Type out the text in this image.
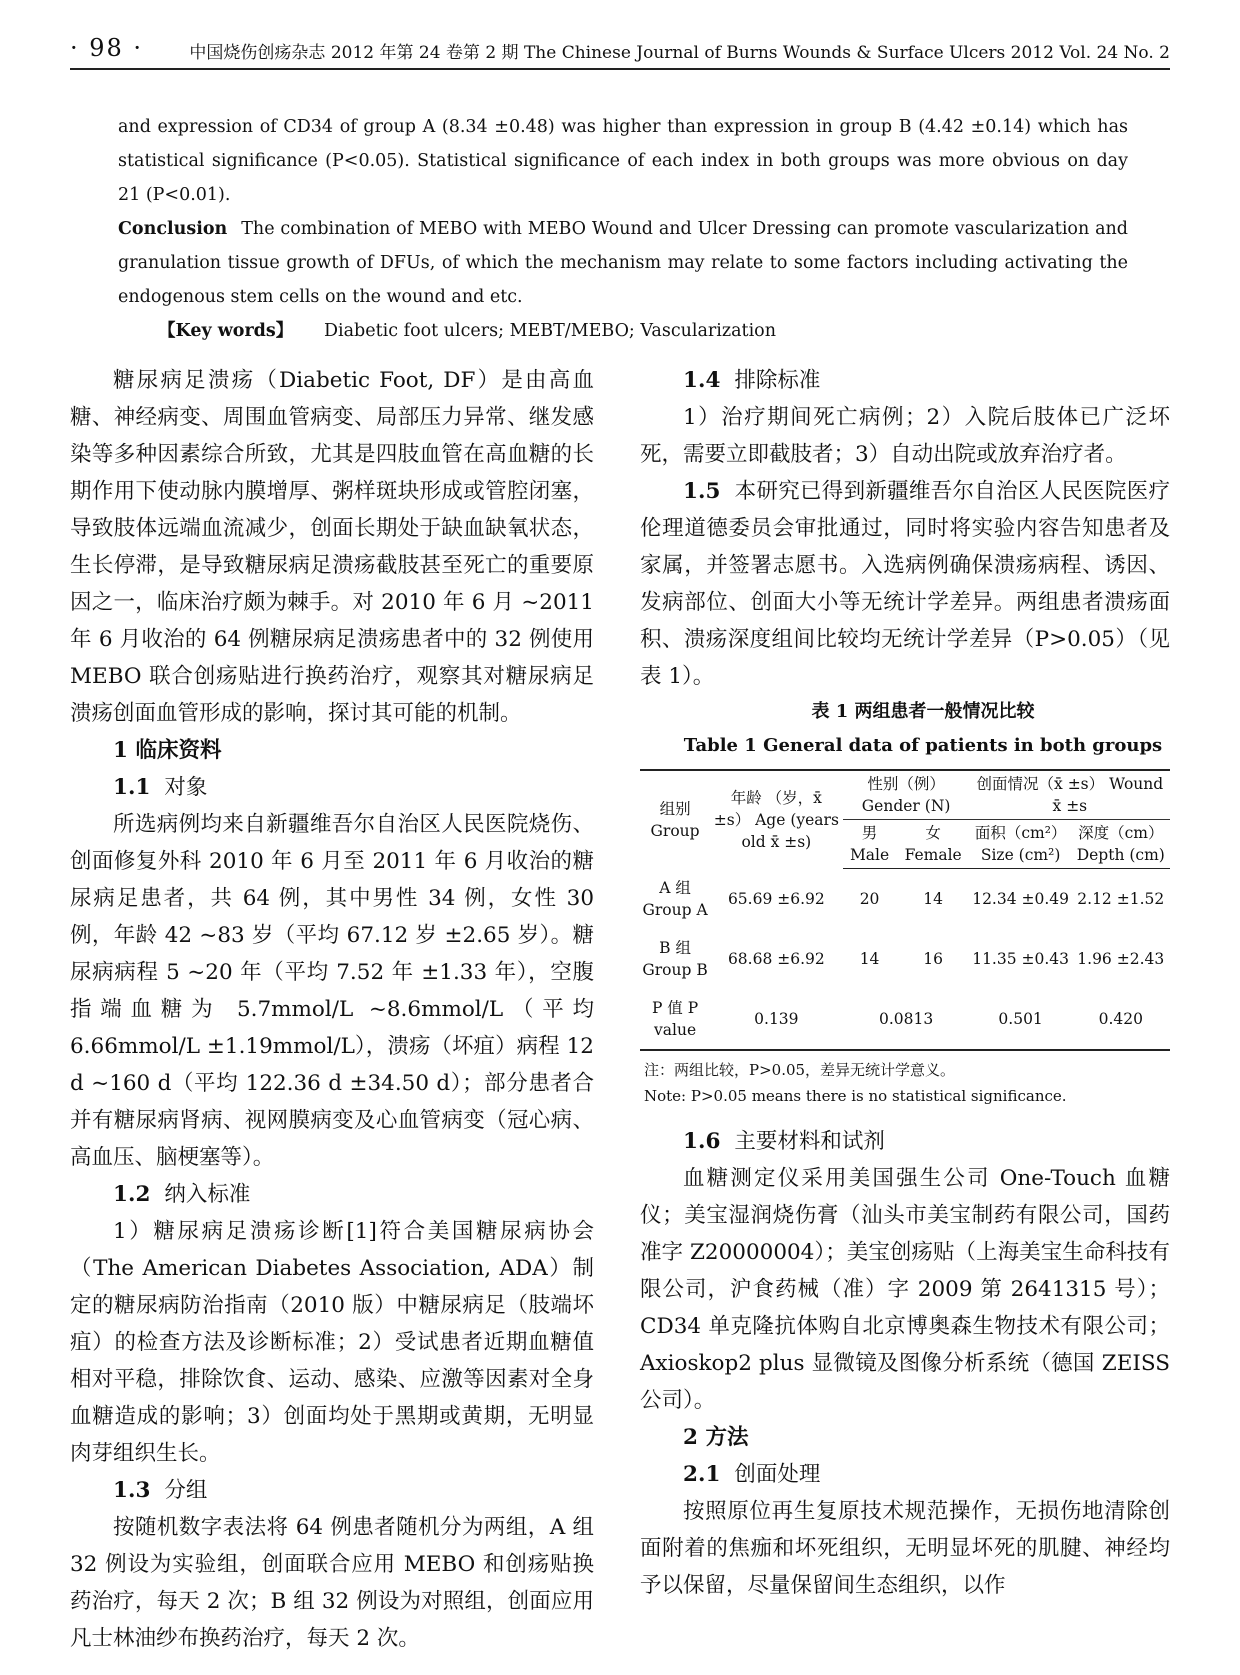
· 98 ·	中国烧伤创疡杂志 2012 年第 24 卷第 2 期 The Chinese Journal of Burns Wounds & Surface Ulcers 2012 Vol. 24 No. 2

and expression of CD34 of group A (8.34 ±0.48) was higher than expression in group B (4.42 ±0.14) which has statistical significance (P<0.05). Statistical significance of each index in both groups was more obvious on day 21 (P<0.01).

Conclusion The combination of MEBO with MEBO Wound and Ulcer Dressing can promote vascularization and granulation tissue growth of DFUs, of which the mechanism may relate to some factors including activating the endogenous stem cells on the wound and etc.

【Key words】 Diabetic foot ulcers; MEBT/MEBO; Vascularization

糖尿病足溃疡（Diabetic Foot, DF）是由高血糖、神经病变、周围血管病变、局部压力异常、继发感染等多种因素综合所致，尤其是四肢血管在高血糖的长期作用下使动脉内膜增厚、粥样斑块形成或管腔闭塞，导致肢体远端血流减少，创面长期处于缺血缺氧状态，生长停滞，是导致糖尿病足溃疡截肢甚至死亡的重要原因之一，临床治疗颇为棘手。对 2010 年 6 月 ~2011 年 6 月收治的 64 例糖尿病足溃疡患者中的 32 例使用 MEBO 联合创疡贴进行换药治疗，观察其对糖尿病足溃疡创面血管形成的影响，探讨其可能的机制。

1 临床资料

1.1 对象

所选病例均来自新疆维吾尔自治区人民医院烧伤、创面修复外科 2010 年 6 月至 2011 年 6 月收治的糖尿病足患者，共 64 例，其中男性 34 例，女性 30 例，年龄 42 ~83 岁（平均 67.12 岁 ±2.65 岁）。糖尿病病程 5 ~20 年（平均 7.52 年 ±1.33 年），空腹指端血糖为 5.7mmol/L ~8.6mmol/L（平均 6.66mmol/L ±1.19mmol/L），溃疡（坏疽）病程 12 d ~160 d（平均 122.36 d ±34.50 d）；部分患者合并有糖尿病肾病、视网膜病变及心血管病变（冠心病、高血压、脑梗塞等）。

1.2 纳入标准

1）糖尿病足溃疡诊断[1]符合美国糖尿病协会（The American Diabetes Association, ADA）制定的糖尿病防治指南（2010 版）中糖尿病足（肢端坏疽）的检查方法及诊断标准；2）受试患者近期血糖值相对平稳，排除饮食、运动、感染、应激等因素对全身血糖造成的影响；3）创面均处于黑期或黄期，无明显肉芽组织生长。

1.3 分组

按随机数字表法将 64 例患者随机分为两组，A 组 32 例设为实验组，创面联合应用 MEBO 和创疡贴换药治疗，每天 2 次；B 组 32 例设为对照组，创面应用凡士林油纱布换药治疗，每天 2 次。

1.4 排除标准

1）治疗期间死亡病例；2）入院后肢体已广泛坏死，需要立即截肢者；3）自动出院或放弃治疗者。

1.5 本研究已得到新疆维吾尔自治区人民医院医疗伦理道德委员会审批通过，同时将实验内容告知患者及家属，并签署志愿书。入选病例确保溃疡病程、诱因、发病部位、创面大小等无统计学差异。两组患者溃疡面积、溃疡深度组间比较均无统计学差异（P>0.05）（见表 1）。

表 1 两组患者一般情况比较

Table 1 General data of patients in both groups

组别 Group	年龄 （岁，x̄ ±s） Age (years old x̄ ±s)	性别（例） Gender (N)		创面情况（x̄ ±s） Wound x̄ ±s	
		男 Male	女 Female	面积（cm²） Size (cm²)	深度（cm） Depth (cm)
A 组 Group A	65.69 ±6.92	20	14	12.34 ±0.49	2.12 ±1.52
B 组 Group B	68.68 ±6.92	14	16	11.35 ±0.43	1.96 ±2.43
P 值 P value	0.139	0.0813		0.501	0.420

注：两组比较，P>0.05，差异无统计学意义。

Note: P>0.05 means there is no statistical significance.

1.6 主要材料和试剂

血糖测定仪采用美国强生公司 One-Touch 血糖仪；美宝湿润烧伤膏（汕头市美宝制药有限公司，国药准字 Z20000004）；美宝创疡贴（上海美宝生命科技有限公司，沪食药械（准）字 2009 第 2641315 号）；CD34 单克隆抗体购自北京博奥森生物技术有限公司；Axioskop2 plus 显微镜及图像分析系统（德国 ZEISS 公司）。

2 方法

2.1 创面处理

按照原位再生复原技术规范操作，无损伤地清除创面附着的焦痂和坏死组织，无明显坏死的肌腱、神经均予以保留，尽量保留间生态组织，以作
